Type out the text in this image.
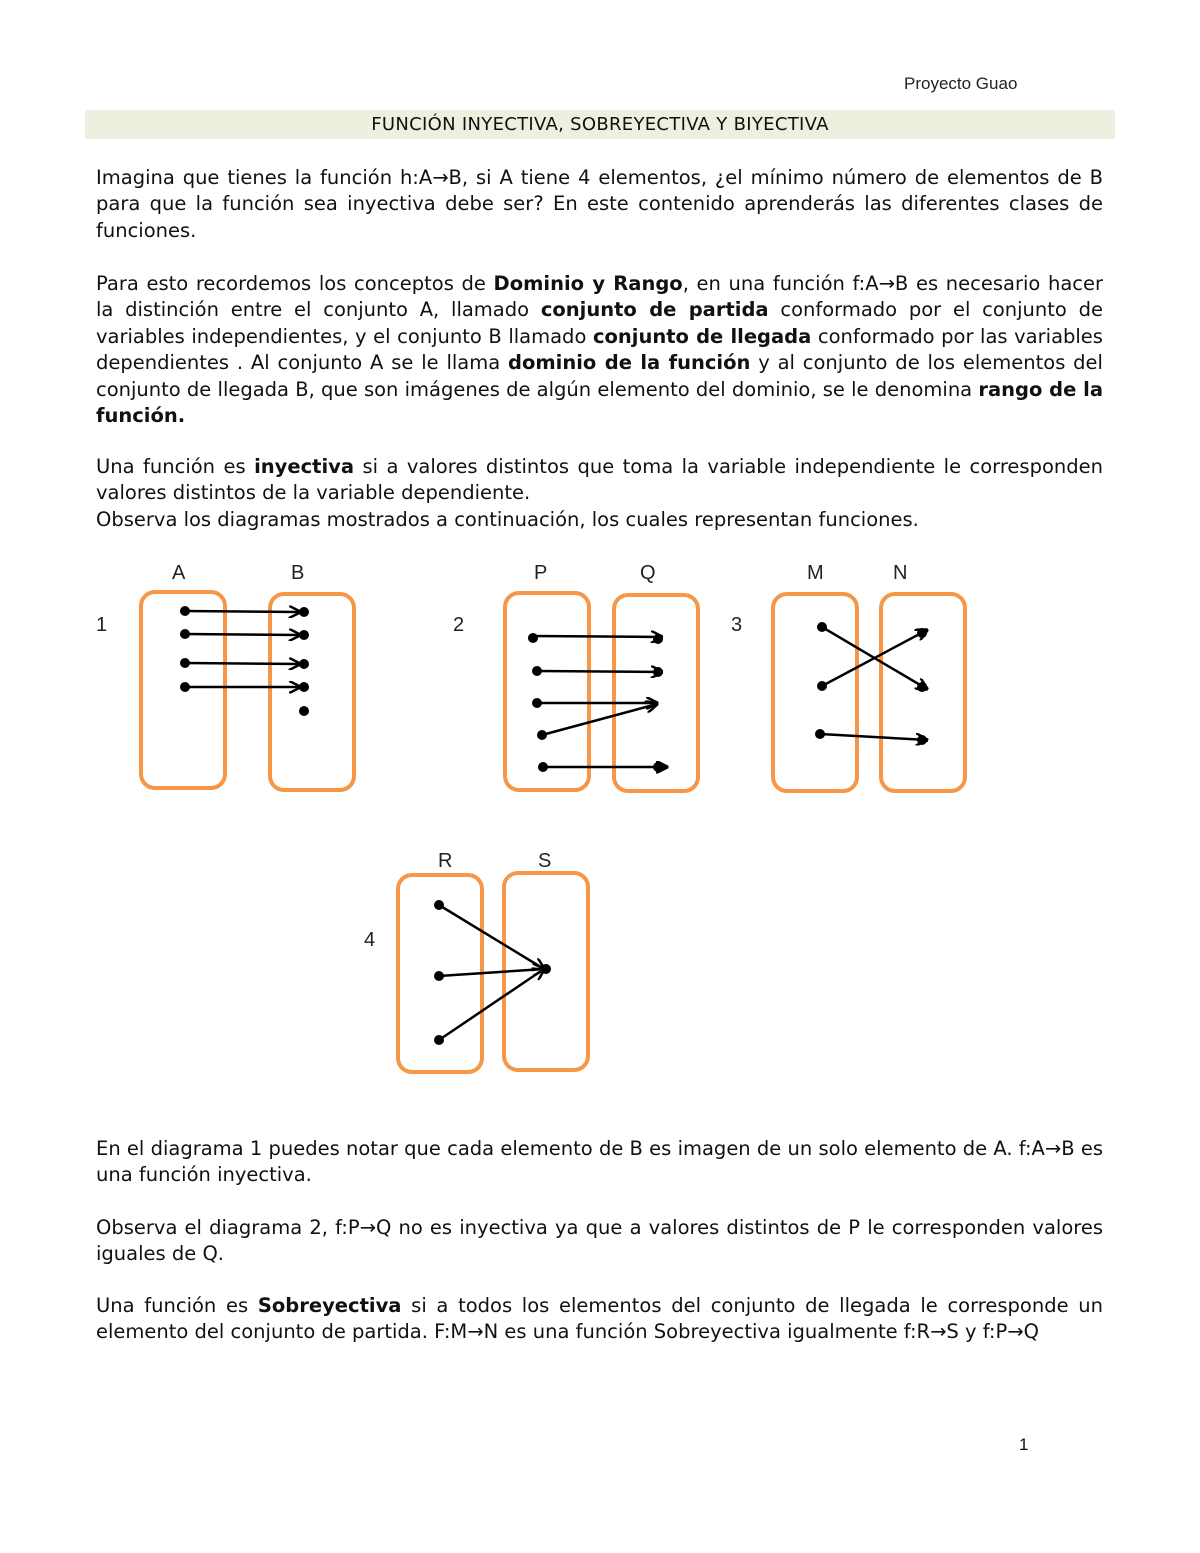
Proyecto Guao
FUNCIÓN INYECTIVA, SOBREYECTIVA Y BIYECTIVA

Imagina que tienes la función h:A→B, si A tiene 4 elementos, ¿el mínimo número de elementos de B para que la función sea inyectiva debe ser? En este contenido aprenderás las diferentes clases de funciones.

Para esto recordemos los conceptos de Dominio y Rango, en una función f:A→B es necesario hacer la distinción entre el conjunto A, llamado conjunto de partida conformado por el conjunto de variables independientes, y el conjunto B llamado conjunto de llegada conformado por las variables dependientes . Al conjunto A se le llama dominio de la función y al conjunto de los elementos del conjunto de llegada B, que son imágenes de algún elemento del dominio, se le denomina rango de la función.

Una función es inyectiva si a valores distintos que toma la variable independiente le corresponden valores distintos de la variable dependiente.

Observa los diagramas mostrados a continuación, los cuales representan funciones.

A	B
1
P	Q
2
M	N
3
R	S
4

En el diagrama 1 puedes notar que cada elemento de B es imagen de un solo elemento de A. f:A→B es una función inyectiva.

Observa el diagrama 2, f:P→Q no es inyectiva ya que a valores distintos de P le corresponden valores iguales de Q.

Una función es Sobreyectiva si a todos los elementos del conjunto de llegada le corresponde un elemento del conjunto de partida. F:M→N es una función Sobreyectiva igualmente f:R→S y f:P→Q

1
